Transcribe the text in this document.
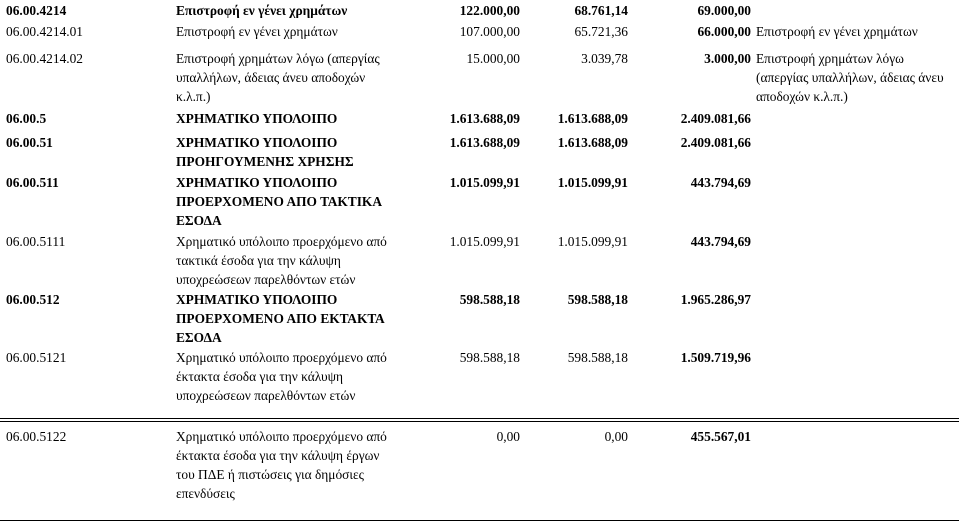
06.00.4214	Επιστροφή εν γένει χρημάτων	122.000,00	68.761,14	69.000,00
06.00.4214.01	Επιστροφή εν γένει χρημάτων	107.000,00	65.721,36	66.000,00 Επιστροφή εν γένει χρημάτων
06.00.4214.02	Επιστροφή χρημάτων λόγω (απεργίας
υπαλλήλων, άδειας άνευ αποδοχών
κ.λ.π.)
15.000,00	3.039,78	3.000,00 Επιστροφή χρημάτων λόγω
(απεργίας υπαλλήλων, άδειας άνευ
αποδοχών κ.λ.π.)
06.00.5	ΧΡΗΜΑΤΙΚΟ ΥΠΟΛΟΙΠΟ	1.613.688,09	1.613.688,09	2.409.081,66
06.00.51	ΧΡΗΜΑΤΙΚΟ ΥΠΟΛΟΙΠΟ
ΠΡΟΗΓΟΥΜΕΝΗΣ ΧΡΗΣΗΣ
1.613.688,09	1.613.688,09	2.409.081,66
06.00.511	ΧΡΗΜΑΤΙΚΟ ΥΠΟΛΟΙΠΟ
ΠΡΟΕΡΧΟΜΕΝΟ ΑΠΟ ΤΑΚΤΙΚΑ
ΕΣΟΔΑ
1.015.099,91	1.015.099,91	443.794,69
06.00.5111	Χρηματικό υπόλοιπο προερχόμενο από
τακτικά έσοδα για την κάλυψη
υποχρεώσεων παρελθόντων ετών
1.015.099,91	1.015.099,91	443.794,69
06.00.512	ΧΡΗΜΑΤΙΚΟ ΥΠΟΛΟΙΠΟ
ΠΡΟΕΡΧΟΜΕΝΟ ΑΠΟ ΕΚΤΑΚΤΑ
ΕΣΟΔΑ
598.588,18	598.588,18	1.965.286,97
06.00.5121	Χρηματικό υπόλοιπο προερχόμενο από
έκτακτα έσοδα για την κάλυψη
υποχρεώσεων παρελθόντων ετών
598.588,18	598.588,18	1.509.719,96
06.00.5122	Χρηματικό υπόλοιπο προερχόμενο από
έκτακτα έσοδα για την κάλυψη έργων
του ΠΔΕ ή πιστώσεις για δημόσιες
επενδύσεις
0,00	0,00	455.567,01
